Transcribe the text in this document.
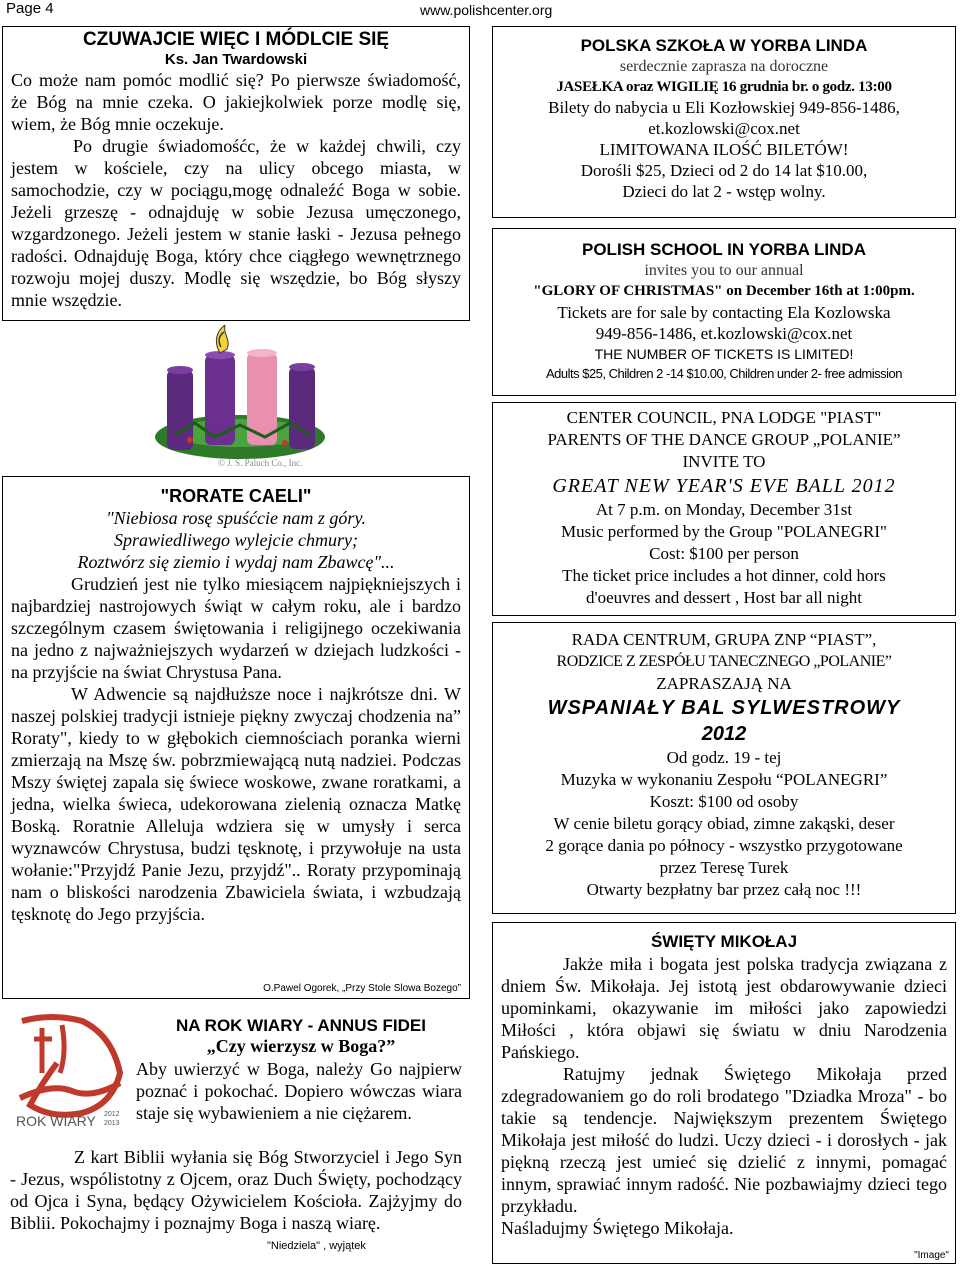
Page 4	www.polishcenter.org
CZUWAJCIE WIĘC I MÓDLCIE SIĘ
Ks. Jan Twardowski

Co może nam pomóc modlić się? Po pierwsze świadomość, że Bóg na mnie czeka. O jakiejkolwiek porze modlę się, wiem, że Bóg mnie oczekuje.

Po drugie świadomośćc, że w każdej chwili, czy jestem w kościele, czy na ulicy obcego miasta, w samochodzie, czy w pociągu,mogę odnaleźć Boga w sobie. Jeżeli grzeszę - odnajduję w sobie Jezusa umęczonego, wzgardzonego. Jeżeli jestem w stanie łaski - Jezusa pełnego radości. Odnajduję Boga, który chce ciągłego wewnętrznego rozwoju mojej duszy. Modlę się wszędzie, bo Bóg słyszy mnie wszędzie.

© J. S. Paluch Co., Inc.
"RORATE CAELI"
"Niebiosa rosę spuśćcie nam z góry.
Sprawiedliwego wylejcie chmury;
Roztwórz się ziemio i wydaj nam Zbawcę"...

Grudzień jest nie tylko miesiącem najpiękniejszych i najbardziej nastrojowych świąt w całym roku, ale i bardzo szczególnym czasem świętowania i religijnego oczekiwania na jedno z najważniejszych wydarzeń w dziejach ludzkości - na przyjście na świat Chrystusa Pana.

W Adwencie są najdłuższe noce i najkrótsze dni. W naszej polskiej tradycji istnieje piękny zwyczaj chodzenia na” Roraty", kiedy to w głębokich ciemnościach poranka wierni zmierzają na Mszę św. pobrzmiewającą nutą nadziei. Podczas Mszy świętej zapala się świece woskowe, zwane roratkami, a jedna, wielka świeca, udekorowana zielenią oznacza Matkę Boską. Roratnie Alleluja wdziera się w umysły i serca wyznawców Chrystusa, budzi tęsknotę, i przywołuje na usta wołanie:"Przyjdź Panie Jezu, przyjdź".. Roraty przypominają nam o bliskości narodzenia Zbawiciela świata, i wzbudzają tęsknotę do Jego przyjścia.

O.Pawel Ogorek, „Przy Stole Slowa Bozego”
ROK WIARY 2012
2013
NA ROK WIARY - ANNUS FIDEI
„Czy wierzysz w Boga?”

Aby uwierzyć w Boga, należy Go najpierw poznać i pokochać. Dopiero wówczas wiara staje się wybawieniem a nie ciężarem.

Z kart Biblii wyłania się Bóg Stworzyciel i Jego Syn - Jezus, wspólistotny z Ojcem, oraz Duch Święty, pochodzący od Ojca i Syna, będący Ożywicielem Kościoła. Zajżyjmy do Biblii. Pokochajmy i poznajmy Boga i naszą wiarę.

"Niedziela" , wyjątek
POLSKA SZKOŁA W YORBA LINDA
serdecznie zaprasza na doroczne
JASEŁKA oraz WIGILIĘ 16 grudnia br. o godz. 13:00
Bilety do nabycia u Eli Kozłowskiej 949-856-1486,
et.kozlowski@cox.net
LIMITOWANA ILOŚĆ BILETÓW!
Dorośli $25, Dzieci od 2 do 14 lat $10.00,
Dzieci do lat 2 - wstęp wolny.
POLISH SCHOOL IN YORBA LINDA
invites you to our annual
"GLORY OF CHRISTMAS" on December 16th at 1:00pm.
Tickets are for sale by contacting Ela Kozlowska
949-856-1486, et.kozlowski@cox.net
THE NUMBER OF TICKETS IS LIMITED!
Adults $25, Children 2 -14 $10.00, Children under 2- free admission
CENTER COUNCIL, PNA LODGE "PIAST"
PARENTS OF THE DANCE GROUP „POLANIE”
INVITE TO
GREAT NEW YEAR'S EVE BALL 2012
At 7 p.m. on Monday, December 31st
Music performed by the Group "POLANEGRI"
Cost: $100 per person
The ticket price includes a hot dinner, cold hors
d'oeuvres and dessert , Host bar all night
RADA CENTRUM, GRUPA ZNP “PIAST”,
RODZICE Z ZESPÓŁU TANECZNEGO „POLANIE”
ZAPRASZAJĄ NA
WSPANIAŁY BAL SYLWESTROWY
2012
Od godz. 19 - tej
Muzyka w wykonaniu Zespołu “POLANEGRI”
Koszt: $100 od osoby
W cenie biletu gorący obiad, zimne zakąski, deser
2 gorące dania po północy - wszystko przygotowane
przez Teresę Turek
Otwarty bezpłatny bar przez całą noc !!!
ŚWIĘTY MIKOŁAJ

Jakże miła i bogata jest polska tradycja związana z dniem Św. Mikołaja. Jej istotą jest obdarowywanie dzieci upominkami, okazywanie im miłości jako zapowiedzi Miłości , która objawi się światu w dniu Narodzenia Pańskiego.

Ratujmy jednak Świętego Mikołaja przed zdegradowaniem go do roli brodatego "Dziadka Mroza" - bo takie są tendencje. Największym prezentem Świętego Mikołaja jest miłość do ludzi. Uczy dzieci - i dorosłych - jak piękną rzeczą jest umieć się dzielić z innymi, pomagać innym, sprawiać innym radość. Nie pozbawiajmy dzieci tego przykładu.

Naśladujmy Świętego Mikołaja.

"Image"
